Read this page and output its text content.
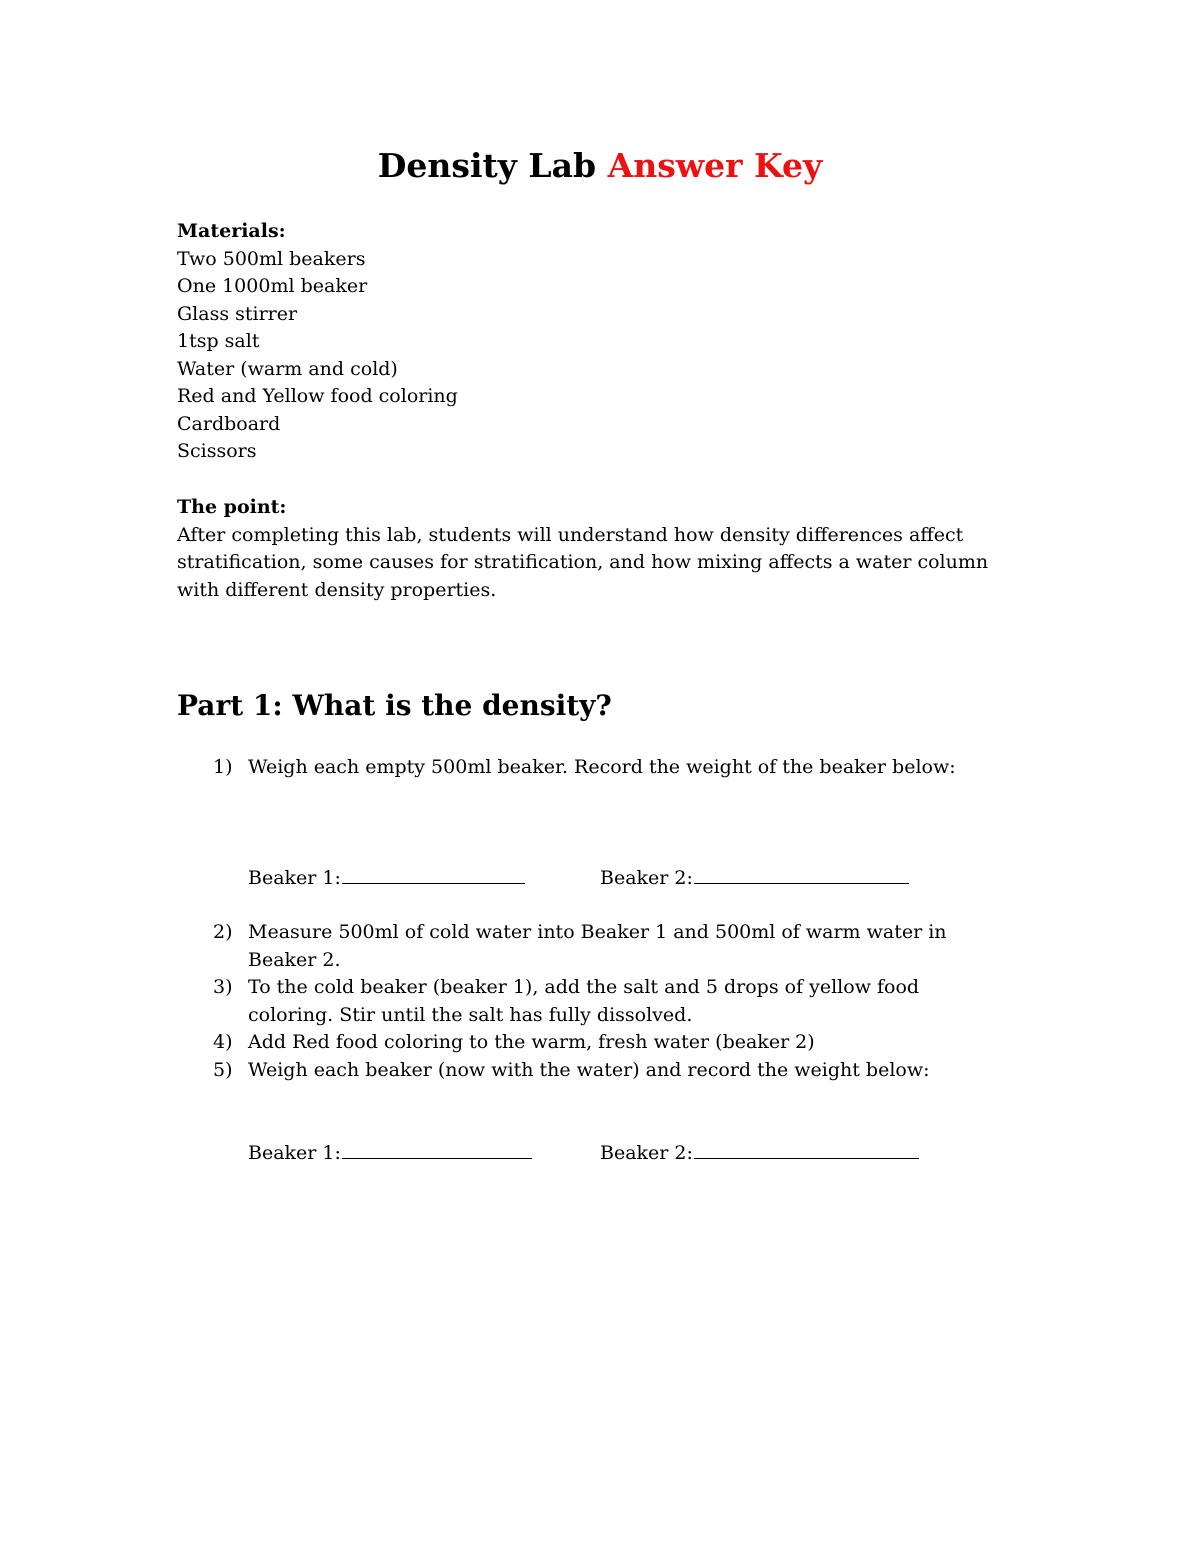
Density Lab Answer Key
Materials:
Two 500ml beakers
One 1000ml beaker
Glass stirrer
1tsp salt
Water (warm and cold)
Red and Yellow food coloring
Cardboard
Scissors
The point:
After completing this lab, students will understand how density differences affect stratification, some causes for stratification, and how mixing affects a water column with different density properties.
Part 1: What is the density?
1) Weigh each empty 500ml beaker. Record the weight of the beaker below:
Beaker 1:	Beaker 2:
2) Measure 500ml of cold water into Beaker 1 and 500ml of warm water in Beaker 2.
3) To the cold beaker (beaker 1), add the salt and 5 drops of yellow food coloring. Stir until the salt has fully dissolved.
4) Add Red food coloring to the warm, fresh water (beaker 2)
5) Weigh each beaker (now with the water) and record the weight below:
Beaker 1:	Beaker 2:
